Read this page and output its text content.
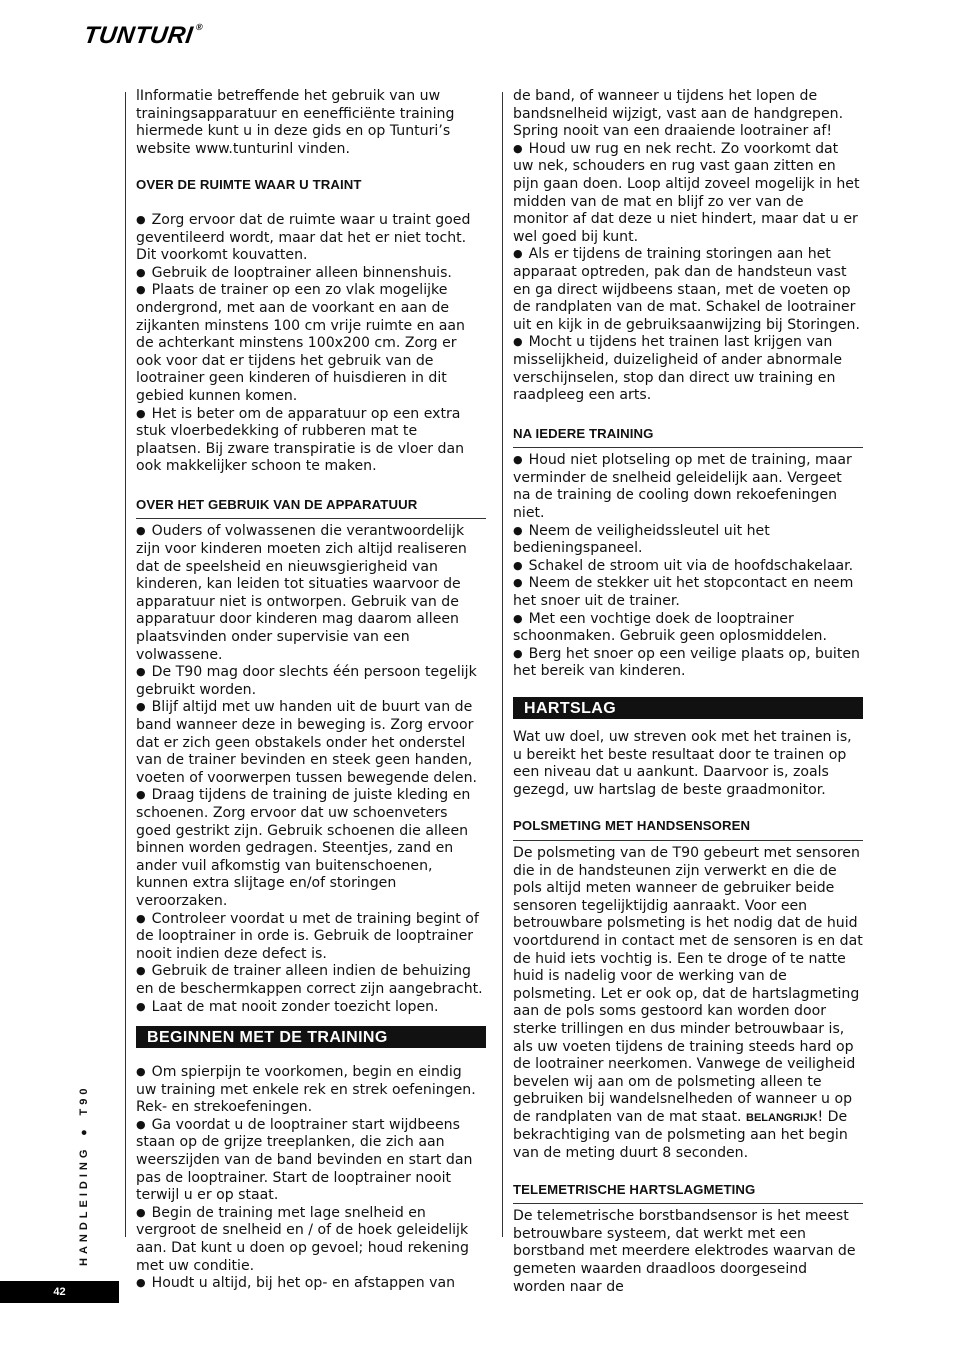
TUNTURI®

lInformatie betreffende het gebruik van uw trainingsapparatuur en eenefficiënte training hiermede kunt u in deze gids en op Tunturi’s website www.tunturinl vinden.

OVER DE RUIMTE WAAR U TRAINT

● Zorg ervoor dat de ruimte waar u traint goed geventileerd wordt, maar dat het er niet tocht. Dit voorkomt kouvatten.

● Gebruik de looptrainer alleen binnenshuis.

● Plaats de trainer op een zo vlak mogelijke ondergrond, met aan de voorkant en aan de zijkanten minstens 100 cm vrije ruimte en aan de achterkant minstens 100x200 cm. Zorg er ook voor dat er tijdens het gebruik van de lootrainer geen kinderen of huisdieren in dit gebied kunnen komen.

● Het is beter om de apparatuur op een extra stuk vloerbedekking of rubberen mat te plaatsen. Bij zware transpiratie is de vloer dan ook makkelijker schoon te maken.

OVER HET GEBRUIK VAN DE APPARATUUR

● Ouders of volwassenen die verantwoordelijk zijn voor kinderen moeten zich altijd realiseren dat de speelsheid en nieuwsgierigheid van kinderen, kan leiden tot situaties waarvoor de apparatuur niet is ontworpen. Gebruik van de apparatuur door kinderen mag daarom alleen plaatsvinden onder supervisie van een volwassene.

● De T90 mag door slechts één persoon tegelijk gebruikt worden.

● Blijf altijd met uw handen uit de buurt van de band wanneer deze in beweging is. Zorg ervoor dat er zich geen obstakels onder het onderstel van de trainer bevinden en steek geen handen, voeten of voorwerpen tussen bewegende delen.

● Draag tijdens de training de juiste kleding en schoenen. Zorg ervoor dat uw schoenveters goed gestrikt zijn. Gebruik schoenen die alleen binnen worden gedragen. Steentjes, zand en ander vuil afkomstig van buitenschoenen, kunnen extra slijtage en/of storingen veroorzaken.

● Controleer voordat u met de training begint of de looptrainer in orde is. Gebruik de looptrainer nooit indien deze defect is.

● Gebruik de trainer alleen indien de behuizing en de beschermkappen correct zijn aangebracht.

● Laat de mat nooit zonder toezicht lopen.

BEGINNEN MET DE TRAINING

● Om spierpijn te voorkomen, begin en eindig uw training met enkele rek en strek oefeningen. Rek- en strekoefeningen.

● Ga voordat u de looptrainer start wijdbeens staan op de grijze treeplanken, die zich aan weerszijden van de band bevinden en start dan pas de looptrainer. Start de looptrainer nooit terwijl u er op staat.

● Begin de training met lage snelheid en vergroot de snelheid en / of de hoek geleidelijk aan. Dat kunt u doen op gevoel; houd rekening met uw conditie.

● Houdt u altijd, bij het op- en afstappen van

de band, of wanneer u tijdens het lopen de bandsnelheid wijzigt, vast aan de handgrepen. Spring nooit van een draaiende lootrainer af!

● Houd uw rug en nek recht. Zo voorkomt dat uw nek, schouders en rug vast gaan zitten en pijn gaan doen. Loop altijd zoveel mogelijk in het midden van de mat en blijf zo ver van de monitor af dat deze u niet hindert, maar dat u er wel goed bij kunt.

● Als er tijdens de training storingen aan het apparaat optreden, pak dan de handsteun vast en ga direct wijdbeens staan, met de voeten op de randplaten van de mat. Schakel de lootrainer uit en kijk in de gebruiksaanwijzing bij Storingen.

● Mocht u tijdens het trainen last krijgen van misselijkheid, duizeligheid of ander abnormale verschijnselen, stop dan direct uw training en raadpleeg een arts.

NA IEDERE TRAINING

● Houd niet plotseling op met de training, maar verminder de snelheid geleidelijk aan. Vergeet na de training de cooling down rekoefeningen niet.

● Neem de veiligheidssleutel uit het bedieningspaneel.

● Schakel de stroom uit via de hoofdschakelaar.

● Neem de stekker uit het stopcontact en neem het snoer uit de trainer.

● Met een vochtige doek de looptrainer schoonmaken. Gebruik geen oplosmiddelen.

● Berg het snoer op een veilige plaats op, buiten het bereik van kinderen.

HARTSLAG

Wat uw doel, uw streven ook met het trainen is, u bereikt het beste resultaat door te trainen op een niveau dat u aankunt. Daarvoor is, zoals gezegd, uw hartslag de beste graadmonitor.

POLSMETING MET HANDSENSOREN

De polsmeting van de T90 gebeurt met sensoren die in de handsteunen zijn verwerkt en die de pols altijd meten wanneer de gebruiker beide sensoren tegelijktijdig aanraakt. Voor een betrouwbare polsmeting is het nodig dat de huid voortdurend in contact met de sensoren is en dat de huid iets vochtig is. Een te droge of te natte huid is nadelig voor de werking van de polsmeting. Let er ook op, dat de hartslagmeting aan de pols soms gestoord kan worden door sterke trillingen en dus minder betrouwbaar is, als uw voeten tijdens de training steeds hard op de lootrainer neerkomen. Vanwege de veiligheid bevelen wij aan om de polsmeting alleen te gebruiken bij wandelsnelheden of wanneer u op de randplaten van de mat staat. BELANGRIJK! De bekrachtiging van de polsmeting aan het begin van de meting duurt 8 seconden.

TELEMETRISCHE HARTSLAGMETING

De telemetrische borstbandsensor is het meest betrouwbare systeem, dat werkt met een borstband met meerdere elektrodes waarvan de gemeten waarden draadloos doorgeseind worden naar de

HANDLEIDING ● T90
42
